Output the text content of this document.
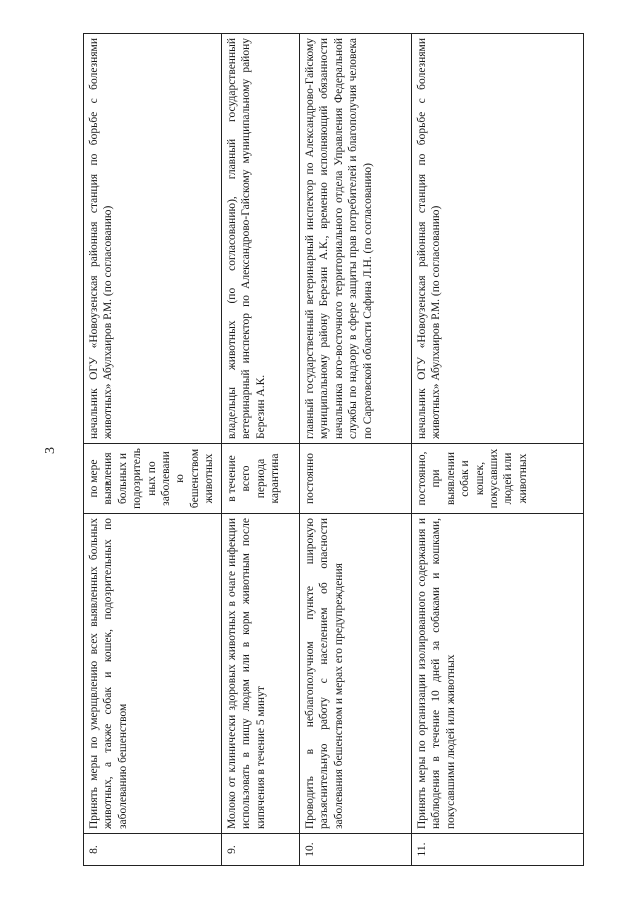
3
8.	Принять меры по умерщвлению всех выявленных больных животных, а также собак и кошек, подозрительных по заболеванию бешенством	по мере выявления больных и подозрительных по заболеванию бешенством животных	начальник ОГУ «Новоузенская районная станция по борьбе с болезнями животных» Абулхаиров Р.М. (по согласованию)
9.	Молоко от клинически здоровых животных в очаге инфекции использовать в пищу людям или в корм животным после кипячения в течение 5 минут	в течение всего периода карантина	владельцы животных (по согласованию), главный государственный ветеринарный инспектор по Александрово-Гайскому муниципальному району Березин А.К.
10.	Проводить в неблагополучном пункте широкую разъяснительную работу с населением об опасности заболевания бешенством и мерах его предупреждения	постоянно	главный государственный ветеринарный инспектор по Александрово-Гайскому муниципальному району Березин А.К., временно исполняющий обязанности начальника юго-восточного территориального отдела Управления Федеральной службы по надзору в сфере защиты прав потребителей и благополучия человека по Саратовской области Сафина Л.Н. (по согласованию)
11.	Принять меры по организации изолированного содержания и наблюдения в течение 10 дней за собаками и кошками, покусавшими людей или животных	постоянно, при выявлении собак и кошек, покусавших людей или животных	начальник ОГУ «Новоузенская районная станция по борьбе с болезнями животных» Абулхаиров Р.М. (по согласованию)
